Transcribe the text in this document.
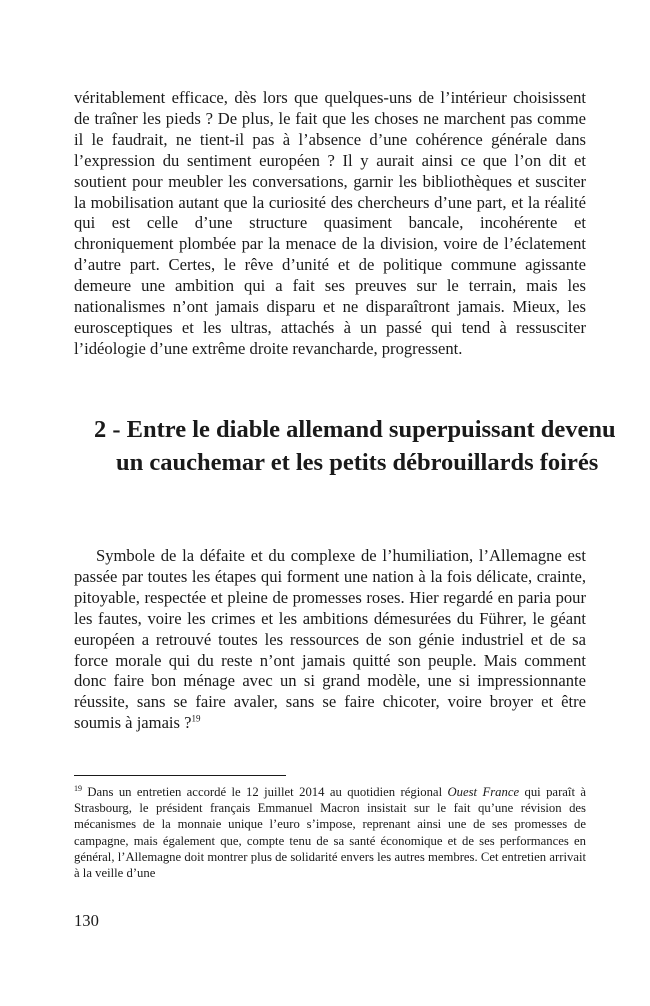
véritablement efficace, dès lors que quelques-uns de l’intérieur choisissent de traîner les pieds ? De plus, le fait que les choses ne marchent pas comme il le faudrait, ne tient-il pas à l’absence d’une cohérence générale dans l’expression du sentiment européen ? Il y aurait ainsi ce que l’on dit et soutient pour meubler les conversations, garnir les bibliothèques et susciter la mobilisation autant que la curiosité des chercheurs d’une part, et la réalité qui est celle d’une structure quasiment bancale, incohérente et chroniquement plombée par la menace de la division, voire de l’éclatement d’autre part. Certes, le rêve d’unité et de politique commune agissante demeure une ambition qui a fait ses preuves sur le terrain, mais les nationalismes n’ont jamais disparu et ne disparaîtront jamais. Mieux, les eurosceptiques et les ultras, attachés à un passé qui tend à ressusciter l’idéologie d’une extrême droite revancharde, progressent.

2 - Entre le diable allemand superpuissant devenu un cauchemar et les petits débrouillards foirés

Symbole de la défaite et du complexe de l’humiliation, l’Allemagne est passée par toutes les étapes qui forment une nation à la fois délicate, crainte, pitoyable, respectée et pleine de promesses roses. Hier regardé en paria pour les fautes, voire les crimes et les ambitions démesurées du Führer, le géant européen a retrouvé toutes les ressources de son génie industriel et de sa force morale qui du reste n’ont jamais quitté son peuple. Mais comment donc faire bon ménage avec un si grand modèle, une si impressionnante réussite, sans se faire avaler, sans se faire chicoter, voire broyer et être soumis à jamais ?$^{19}$

$^{19}$ Dans un entretien accordé le 12 juillet 2014 au quotidien régional Ouest France qui paraît à Strasbourg, le président français Emmanuel Macron insistait sur le fait qu’une révision des mécanismes de la monnaie unique l’euro s’impose, reprenant ainsi une de ses promesses de campagne, mais également que, compte tenu de sa santé économique et de ses performances en général, l’Allemagne doit montrer plus de solidarité envers les autres membres. Cet entretien arrivait à la veille d’une

130
